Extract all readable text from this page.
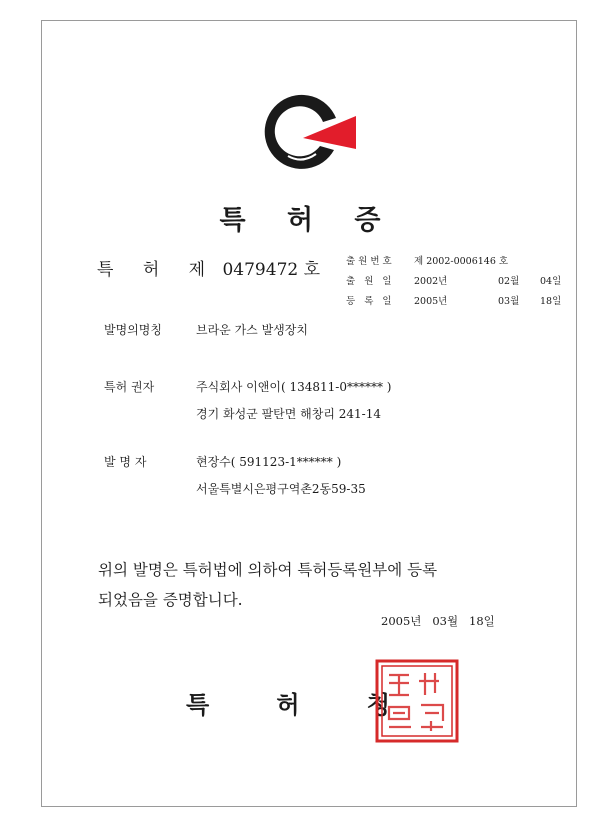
특 허 증
특 허 제 0479472 호	출원번호	제 2002-0006146 호
출 원 일	2002년	02월	04일
등 록 일	2005년	03월	18일
발명의명칭	브라운 가스 발생장치
특허 권자	주식회사 이앤이( 134811-0****** )
경기 화성군 팔탄면 해창리 241-14
발 명 자	현장수( 591123-1****** )
서울특별시은평구역촌2동59-35
위의 발명은 특허법에 의하여 특허등록원부에 등록
되었음을 증명합니다.
2005년   03월   18일
특	허	청
